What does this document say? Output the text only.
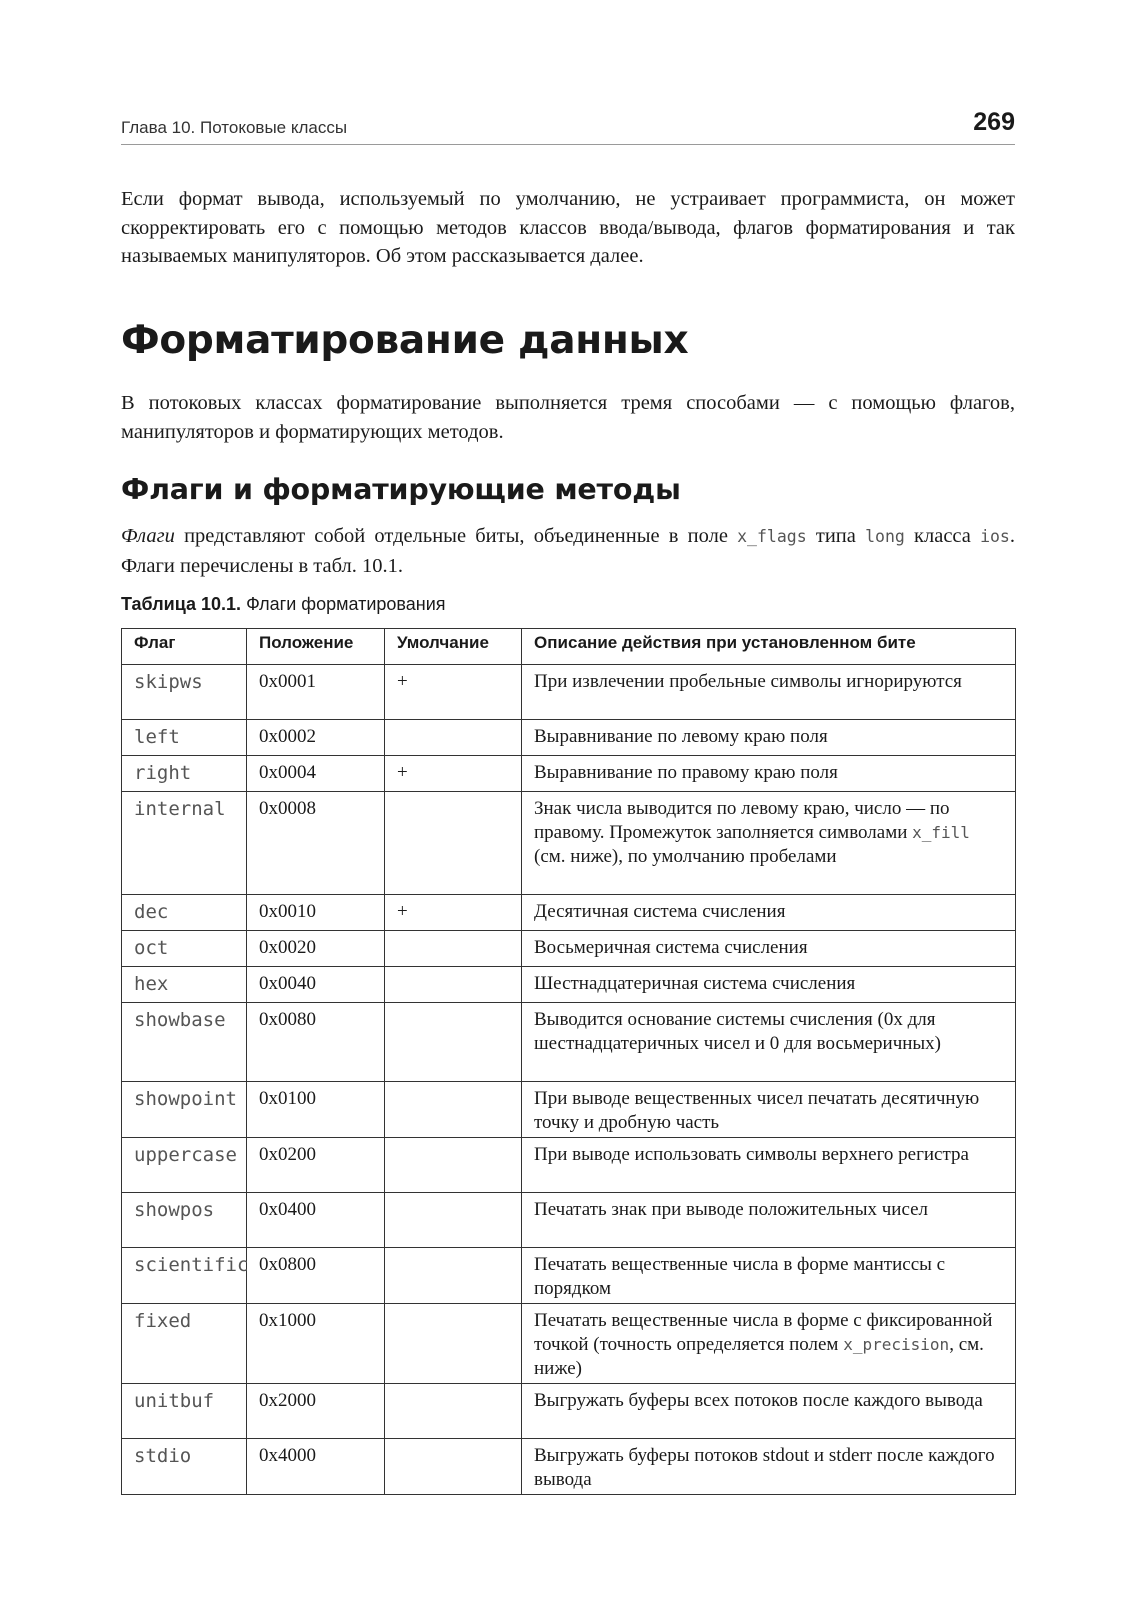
Глава 10. Потоковые классы	269

Если формат вывода, используемый по умолчанию, не устраивает программиста, он может скорректировать его с помощью методов классов ввода/вывода, флагов форматирования и так называемых манипуляторов. Об этом рассказывается далее.

Форматирование данных

В потоковых классах форматирование выполняется тремя способами — с помощью флагов, манипуляторов и форматирующих методов.

Флаги и форматирующие методы

Флаги представляют собой отдельные биты, объединенные в поле x_flags типа long класса ios. Флаги перечислены в табл. 10.1.

Таблица 10.1. Флаги форматирования
Флаг	Положение	Умолчание	Описание действия при установленном бите
skipws	0x0001	+	При извлечении пробельные символы игнорируются
left	0x0002		Выравнивание по левому краю поля
right	0x0004	+	Выравнивание по правому краю поля
internal	0x0008		Знак числа выводится по левому краю, число — по правому. Промежуток заполняется символами x_fill (см. ниже), по умолчанию пробелами
dec	0x0010	+	Десятичная система счисления
oct	0x0020		Восьмеричная система счисления
hex	0x0040		Шестнадцатеричная система счисления
showbase	0x0080		Выводится основание системы счисления (0x для шестнадцатеричных чисел и 0 для восьмеричных)
showpoint	0x0100		При выводе вещественных чисел печатать десятичную точку и дробную часть
uppercase	0x0200		При выводе использовать символы верхнего регистра
showpos	0x0400		Печатать знак при выводе положительных чисел
scientific	0x0800		Печатать вещественные числа в форме мантиссы с порядком
fixed	0x1000		Печатать вещественные числа в форме с фиксированной точкой (точность определяется полем x_precision, см. ниже)
unitbuf	0x2000		Выгружать буферы всех потоков после каждого вывода
stdio	0x4000		Выгружать буферы потоков stdout и stderr после каждого вывода
